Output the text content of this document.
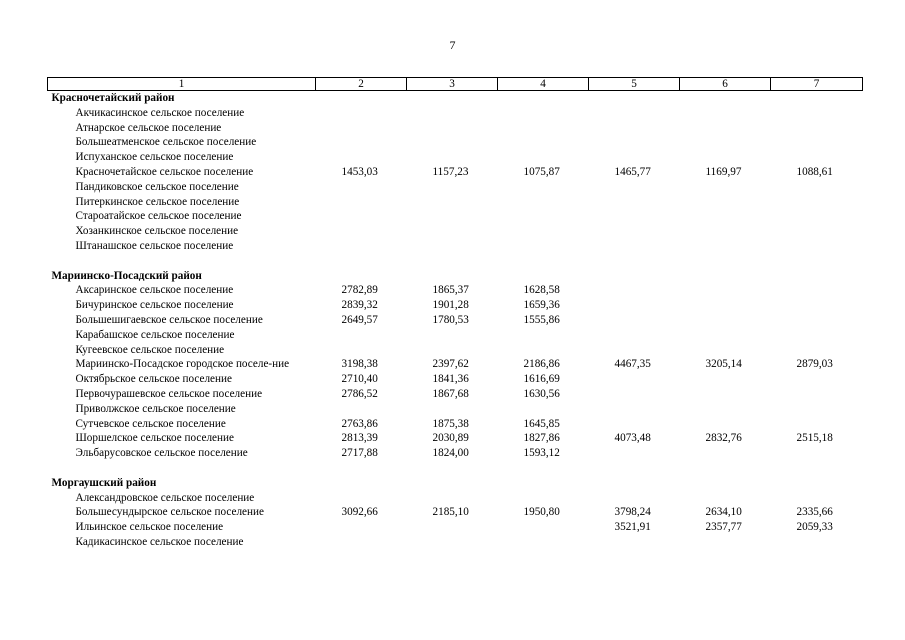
7
1	2	3	4	5	6	7
Красночетайский район						
Акчикасинское сельское поселение						
Атнарское сельское поселение						
Большеатменское сельское поселение						
Испуханское сельское поселение						
Красночетайское сельское поселение	1453,03	1157,23	1075,87	1465,77	1169,97	1088,61
Пандиковское сельское поселение						
Питеркинское сельское поселение						
Староатайское сельское поселение						
Хозанкинское сельское поселение						
Штанашское сельское поселение						

Мариинско-Посадский район						
Аксаринское сельское поселение	2782,89	1865,37	1628,58			
Бичуринское сельское поселение	2839,32	1901,28	1659,36			
Большешигаевское сельское поселение	2649,57	1780,53	1555,86			
Карабашское сельское поселение						
Кугеевское сельское поселение						
Мариинско-Посадское городское поселе-ние	3198,38	2397,62	2186,86	4467,35	3205,14	2879,03
Октябрьское сельское поселение	2710,40	1841,36	1616,69			
Первочурашевское сельское поселение	2786,52	1867,68	1630,56			
Приволжское сельское поселение						
Сутчевское сельское поселение	2763,86	1875,38	1645,85			
Шоршелское сельское поселение	2813,39	2030,89	1827,86	4073,48	2832,76	2515,18
Эльбарусовское сельское поселение	2717,88	1824,00	1593,12			

Моргаушский район						
Александровское сельское поселение						
Большесундырское сельское поселение	3092,66	2185,10	1950,80	3798,24	2634,10	2335,66
Ильинское сельское поселение				3521,91	2357,77	2059,33
Кадикасинское сельское поселение						
